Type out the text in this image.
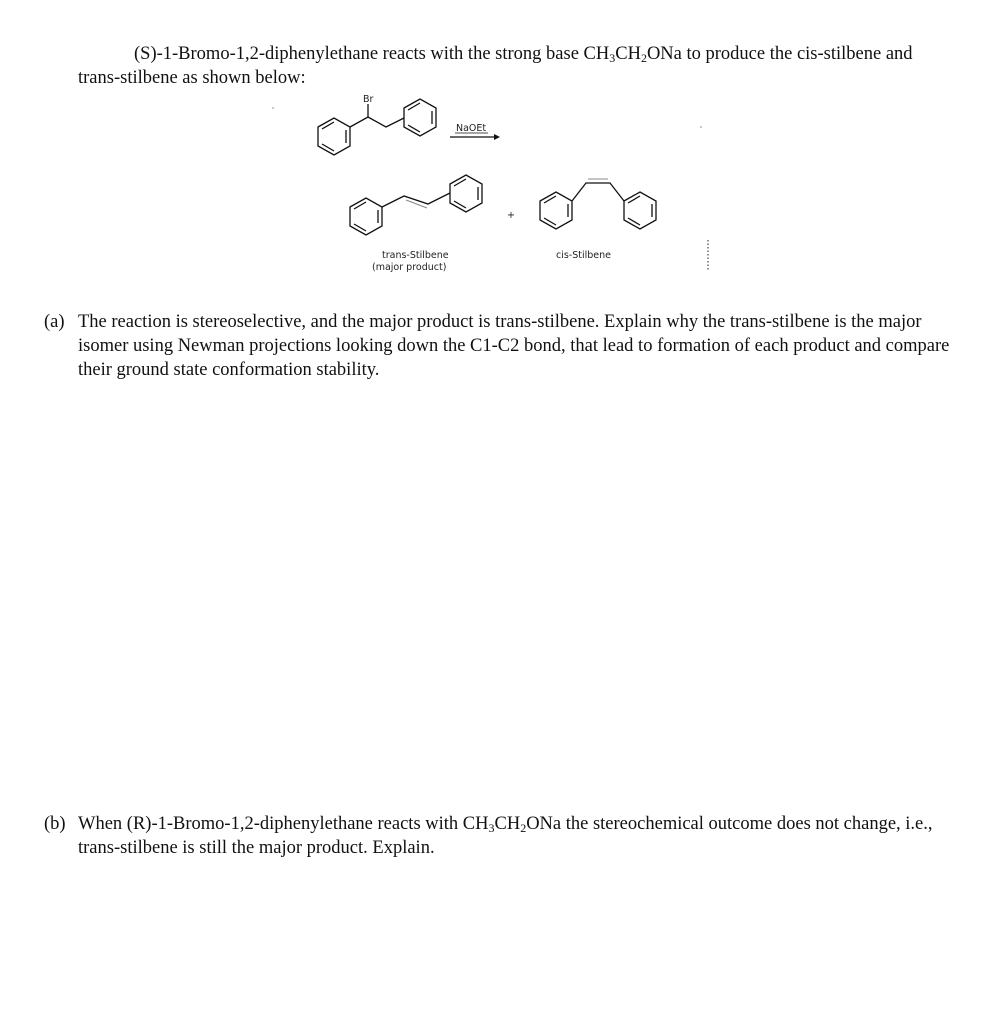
(S)-1-Bromo-1,2-diphenylethane reacts with the strong base $CH_3CH_2ONa$ to produce the cis-stilbene and trans-stilbene as shown below:

Br
NaOEt
+
trans-Stilbene
(major product)
cis-Stilbene
(a) The reaction is stereoselective, and the major product is trans-stilbene. Explain why the trans-stilbene is the major isomer using Newman projections looking down the C1-C2 bond, that lead to formation of each product and compare their ground state conformation stability.
(b) When (R)-1-Bromo-1,2-diphenylethane reacts with $CH_3CH_2ONa$ the stereochemical outcome does not change, i.e., trans-stilbene is still the major product. Explain.
